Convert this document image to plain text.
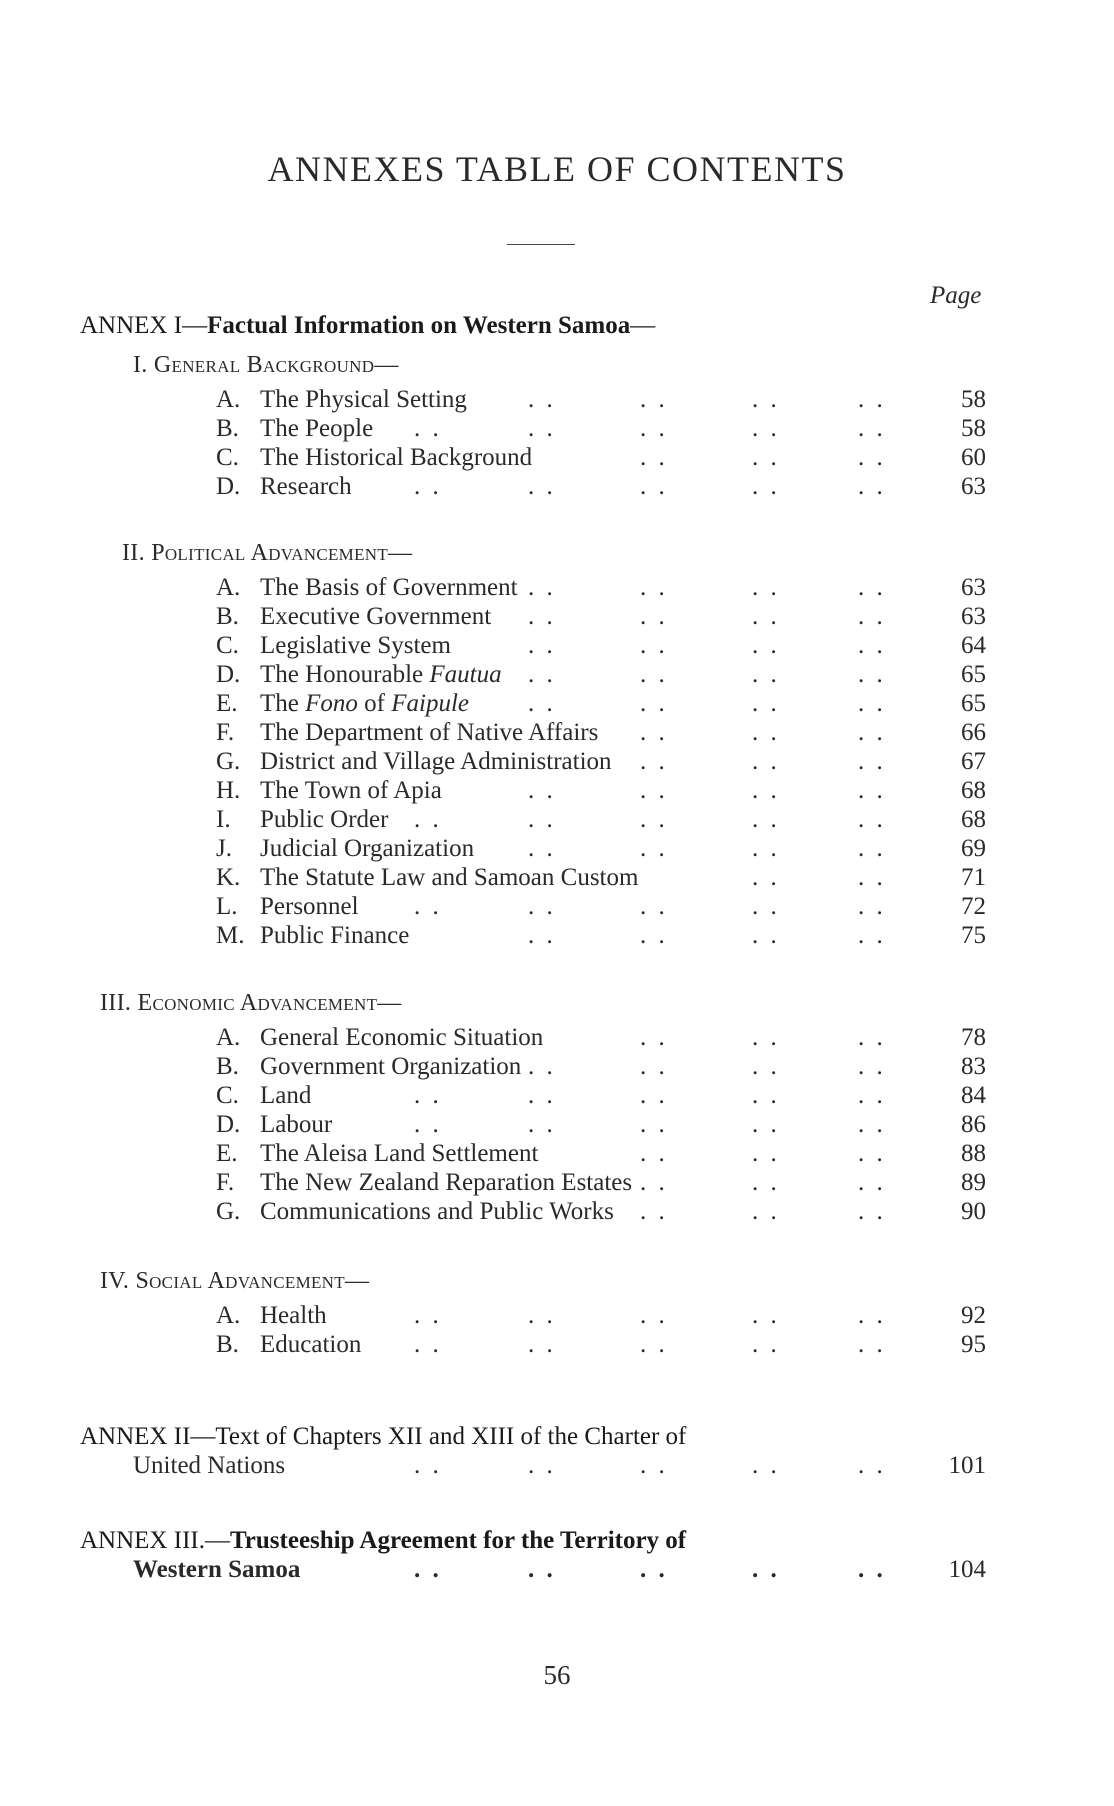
ANNEXES TABLE OF CONTENTS
Page
ANNEX I—Factual Information on Western Samoa—
I. General Background—
A. The Physical Setting . .	. .	. .	. .	58
B. The People . .	. .	. .	. .	. .	58
C. The Historical Background	. .	. .	. .	60
D. Research . .	. .	. .	. .	. .	63
II. Political Advancement—
A. The Basis of Government . .	. .	. .	. .	63
B. Executive Government . .	. .	. .	. .	63
C. Legislative System	. .	. .	. .	. .	64
D. The Honourable Fautua . .	. .	. .	. .	65
E. The Fono of Faipule . .	. .	. .	. .	65
F. The Department of Native Affairs . .	. .	. .	66
G. District and Village Administration . .	. .	. .	67
H. The Town of Apia	. .	. .	. .	. .	68
I. Public Order . .	. .	. .	. .	. .	68
J. Judicial Organization . .	. .	. .	. .	69
K. The Statute Law and Samoan Custom	. .	. .	71
L. Personnel . .	. .	. .	. .	. .	72
M. Public Finance	. .	. .	. .	. .	75
III. Economic Advancement—
A. General Economic Situation	. .	. .	. .	78
B. Government Organization . .	. .	. .	. .	83
C. Land	. .	. .	. .	. .	. .	84
D. Labour	. .	. .	. .	. .	. .	86
E. The Aleisa Land Settlement	. .	. .	. .	88
F. The New Zealand Reparation Estates . .	. .	. .	89
G. Communications and Public Works . .	. .	. .	90
IV. Social Advancement—
A. Health	. .	. .	. .	. .	. .	92
B. Education . .	. .	. .	. .	. .	95
ANNEX II—Text of Chapters XII and XIII of the Charter of
United Nations	. .	. .	. .	. .	. .	101
ANNEX III.—Trusteeship Agreement for the Territory of
Western Samoa	. .	. .	. .	. .	. .	104
56
